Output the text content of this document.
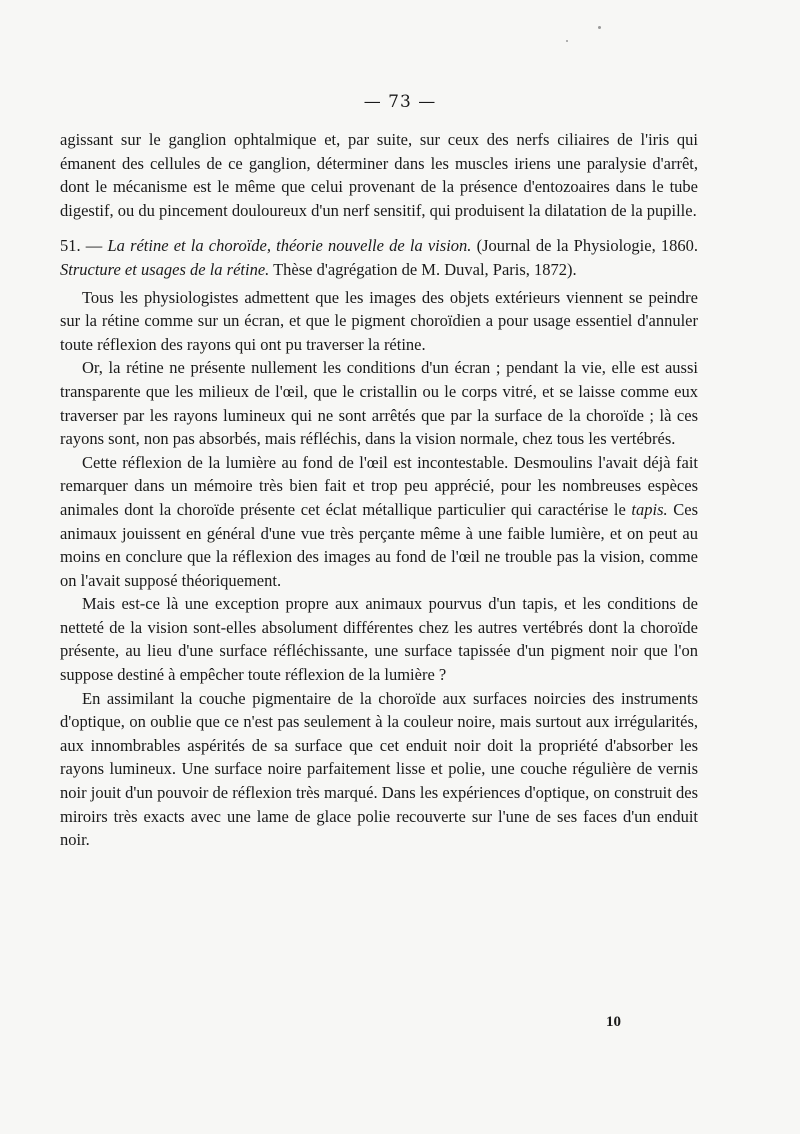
— 73 —

agissant sur le ganglion ophtalmique et, par suite, sur ceux des nerfs ciliaires de l'iris qui émanent des cellules de ce ganglion, déterminer dans les muscles iriens une paralysie d'arrêt, dont le mécanisme est le même que celui provenant de la présence d'entozoaires dans le tube digestif, ou du pincement douloureux d'un nerf sensitif, qui produisent la dilatation de la pupille.

51. — La rétine et la choroïde, théorie nouvelle de la vision. (Journal de la Physiologie, 1860. Structure et usages de la rétine. Thèse d'agrégation de M. Duval, Paris, 1872).

Tous les physiologistes admettent que les images des objets extérieurs viennent se peindre sur la rétine comme sur un écran, et que le pigment choroïdien a pour usage essentiel d'annuler toute réflexion des rayons qui ont pu traverser la rétine.

Or, la rétine ne présente nullement les conditions d'un écran ; pendant la vie, elle est aussi transparente que les milieux de l'œil, que le cristallin ou le corps vitré, et se laisse comme eux traverser par les rayons lumineux qui ne sont arrêtés que par la surface de la choroïde ; là ces rayons sont, non pas absorbés, mais réfléchis, dans la vision normale, chez tous les vertébrés.

Cette réflexion de la lumière au fond de l'œil est incontestable. Desmoulins l'avait déjà fait remarquer dans un mémoire très bien fait et trop peu apprécié, pour les nombreuses espèces animales dont la choroïde présente cet éclat métallique particulier qui caractérise le tapis. Ces animaux jouissent en général d'une vue très perçante même à une faible lumière, et on peut au moins en conclure que la réflexion des images au fond de l'œil ne trouble pas la vision, comme on l'avait supposé théoriquement.

Mais est-ce là une exception propre aux animaux pourvus d'un tapis, et les conditions de netteté de la vision sont-elles absolument différentes chez les autres vertébrés dont la choroïde présente, au lieu d'une surface réfléchissante, une surface tapissée d'un pigment noir que l'on suppose destiné à empêcher toute réflexion de la lumière ?

En assimilant la couche pigmentaire de la choroïde aux surfaces noircies des instruments d'optique, on oublie que ce n'est pas seulement à la couleur noire, mais surtout aux irrégularités, aux innombrables aspérités de sa surface que cet enduit noir doit la propriété d'absorber les rayons lumineux. Une surface noire parfaitement lisse et polie, une couche régulière de vernis noir jouit d'un pouvoir de réflexion très marqué. Dans les expériences d'optique, on construit des miroirs très exacts avec une lame de glace polie recouverte sur l'une de ses faces d'un enduit noir.

10
